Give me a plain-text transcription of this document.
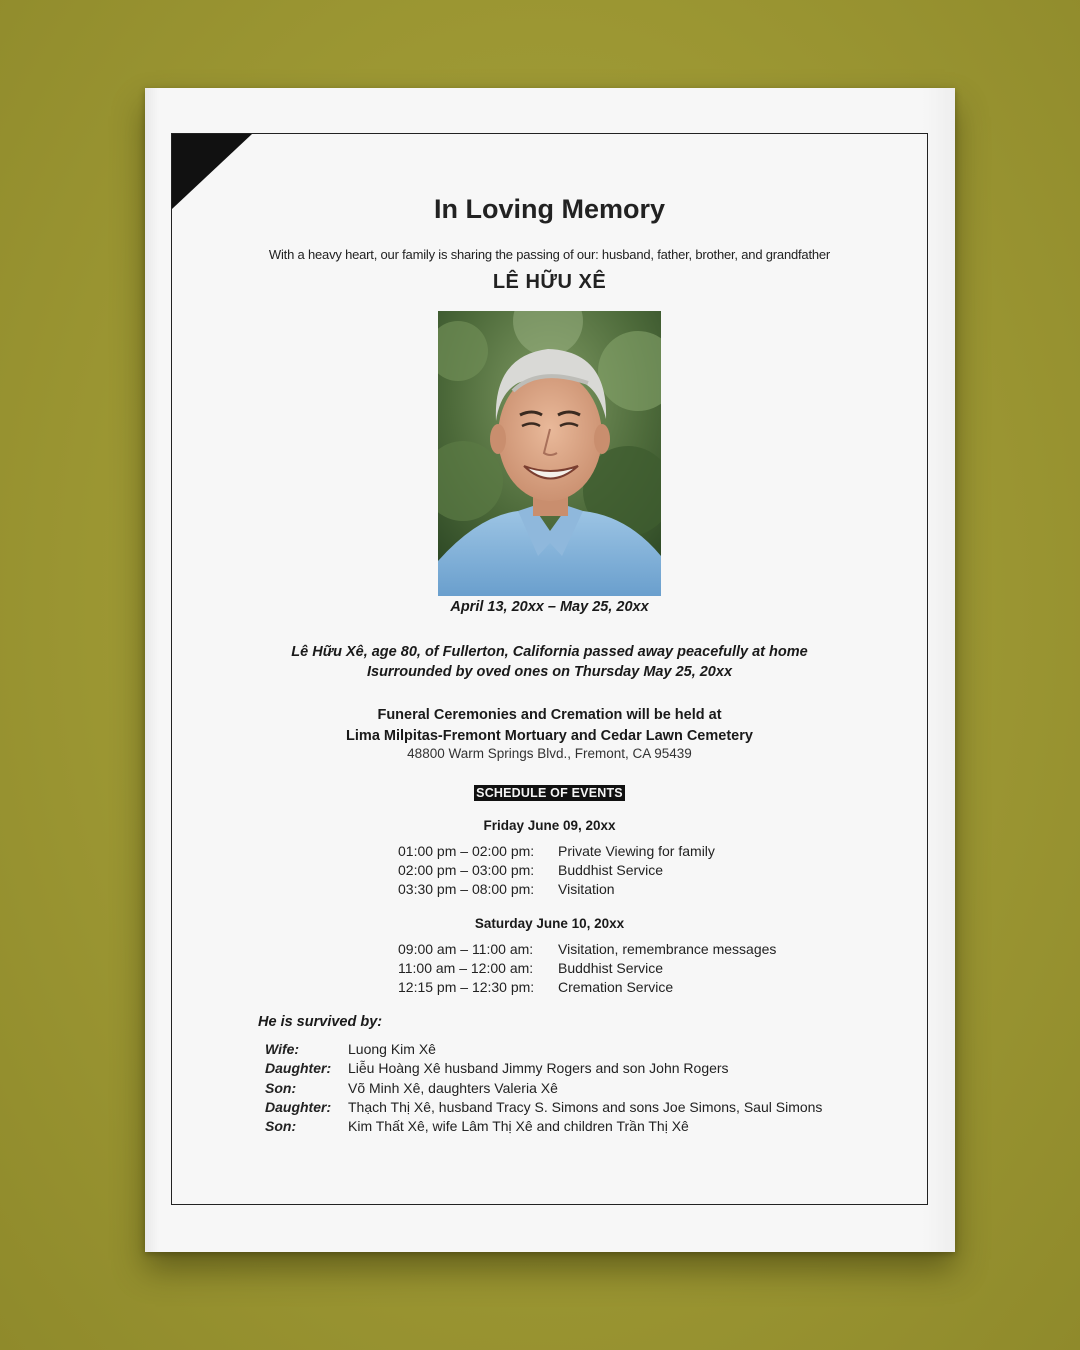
In Loving Memory
With a heavy heart, our family is sharing the passing of our: husband, father, brother, and grandfather
LÊ HỮU XÊ
April 13, 20xx – May 25, 20xx
Lê Hữu Xê, age 80, of Fullerton, California passed away peacefully at home
Isurrounded by oved ones on Thursday May 25, 20xx
Funeral Ceremonies and Cremation will be held at
Lima Milpitas-Fremont Mortuary and Cedar Lawn Cemetery
48800 Warm Springs Blvd., Fremont, CA 95439
SCHEDULE OF EVENTS
Friday June 09, 20xx
01:00 pm – 02:00 pm: Private Viewing for family
02:00 pm – 03:00 pm: Buddhist Service
03:30 pm – 08:00 pm: Visitation
Saturday June 10, 20xx
09:00 am – 11:00 am: Visitation, remembrance messages
11:00 am – 12:00 am: Buddhist Service
12:15 pm – 12:30 pm: Cremation Service
He is survived by:
Wife:	Luong Kim Xê
Daughter: Liễu Hoàng Xê husband Jimmy Rogers and son John Rogers
Son:	Võ Minh Xê, daughters Valeria Xê
Daughter: Thạch Thị Xê, husband Tracy S. Simons and sons Joe Simons, Saul Simons
Son:	Kim Thất Xê, wife Lâm Thị Xê and children Trần Thị Xê
